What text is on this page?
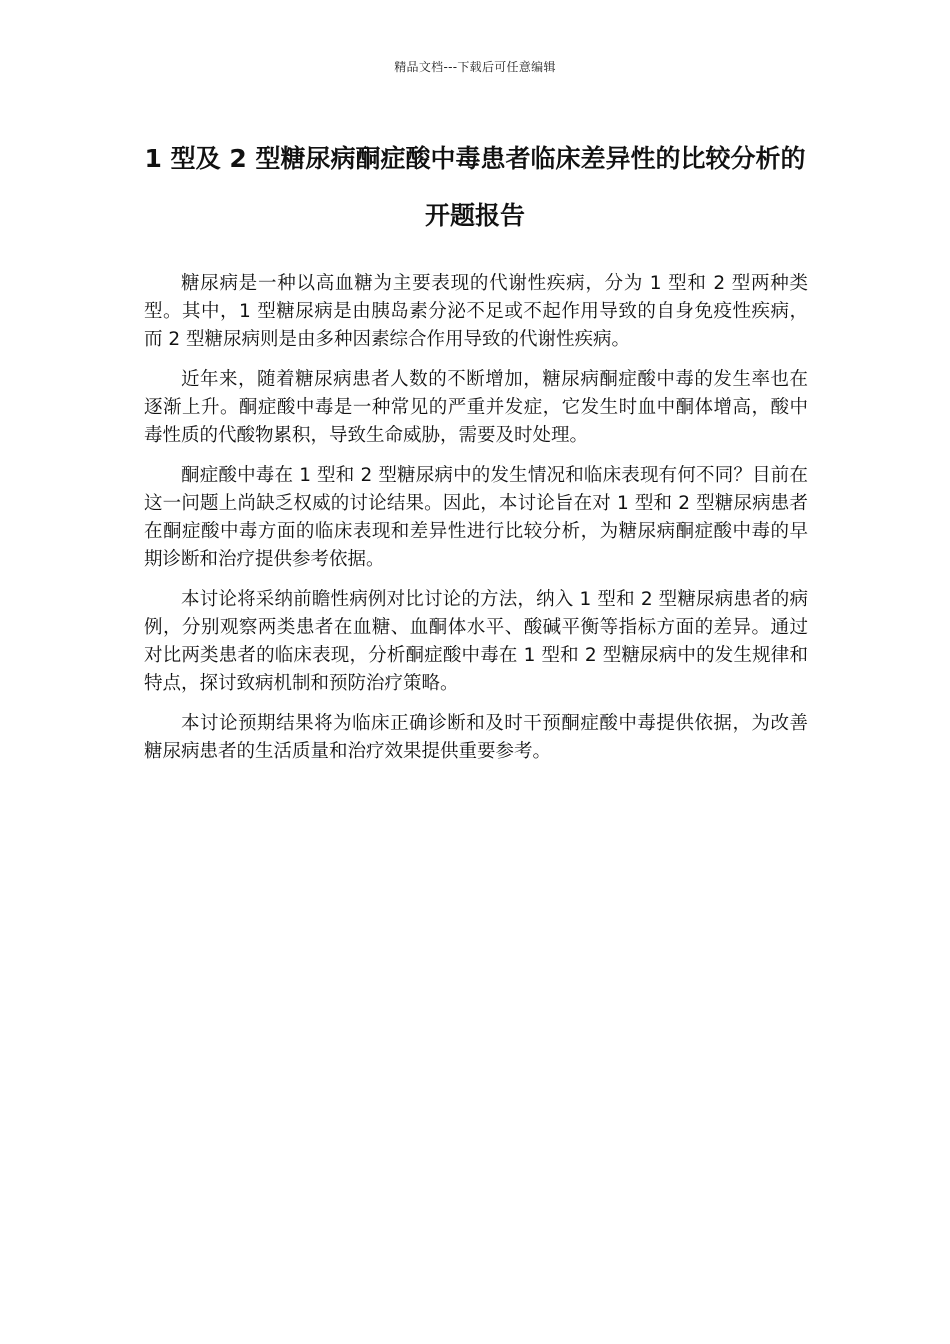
精品文档---下载后可任意编辑
1 型及 2 型糖尿病酮症酸中毒患者临床差异性的比较分析的开题报告

糖尿病是一种以高血糖为主要表现的代谢性疾病，分为 1 型和 2 型两种类型。其中，1 型糖尿病是由胰岛素分泌不足或不起作用导致的自身免疫性疾病，而 2 型糖尿病则是由多种因素综合作用导致的代谢性疾病。

近年来，随着糖尿病患者人数的不断增加，糖尿病酮症酸中毒的发生率也在逐渐上升。酮症酸中毒是一种常见的严重并发症，它发生时血中酮体增高，酸中毒性质的代酸物累积，导致生命威胁，需要及时处理。

酮症酸中毒在 1 型和 2 型糖尿病中的发生情况和临床表现有何不同？目前在这一问题上尚缺乏权威的讨论结果。因此，本讨论旨在对 1 型和 2 型糖尿病患者在酮症酸中毒方面的临床表现和差异性进行比较分析，为糖尿病酮症酸中毒的早期诊断和治疗提供参考依据。

本讨论将采纳前瞻性病例对比讨论的方法，纳入 1 型和 2 型糖尿病患者的病例，分别观察两类患者在血糖、血酮体水平、酸碱平衡等指标方面的差异。通过对比两类患者的临床表现，分析酮症酸中毒在 1 型和 2 型糖尿病中的发生规律和特点，探讨致病机制和预防治疗策略。

本讨论预期结果将为临床正确诊断和及时干预酮症酸中毒提供依据，为改善糖尿病患者的生活质量和治疗效果提供重要参考。
